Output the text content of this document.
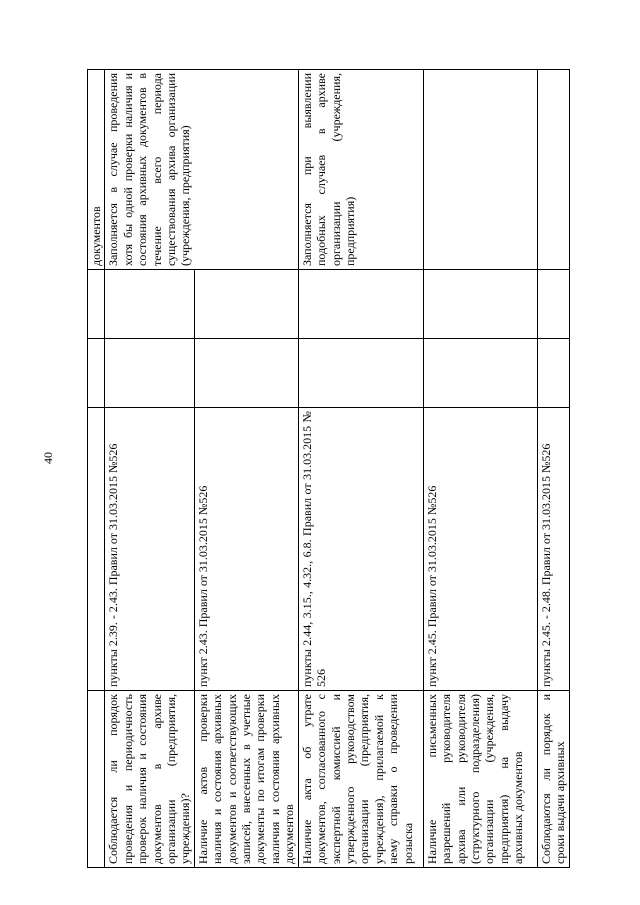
40
				документов
Соблюдается ли порядок проведения и периодичность проверок наличия и состояния документов в архиве организации (предприятия, учреждения)?	пункты 2.39. - 2.43. Правил от 31.03.2015 №526			Заполняется в случае проведения хотя бы одной проверки наличия и состояния архивных документов в течение всего периода существования архива организации (учреждения, предприятия)
Наличие актов проверки наличия и состояния архивных документов и соответствующих записей, внесенных в учетные документы по итогам проверки наличия и состояния архивных документов	пункт 2.43. Правил от 31.03.2015 №526			
Наличие акта об утрате документов, согласованного с экспертной комиссией и утвержденного руководством организации (предприятия, учреждения), прилагаемой к нему справки о проведении розыска	пункты 2.44, 3.15., 4.32., 6.8. Правил от 31.03.2015 № 526			Заполняется при выявлении подобных случаев в архиве организации (учреждения, предприятия)
Наличие письменных разрешений руководителя архива или руководителя (структурного подразделения) организации (учреждения, предприятия) на выдачу архивных документов	пункт 2.45. Правил от 31.03.2015 №526			
Соблюдаются ли порядок и сроки выдачи архивных	пункты 2.45. - 2.48. Правил от 31.03.2015 №526			
